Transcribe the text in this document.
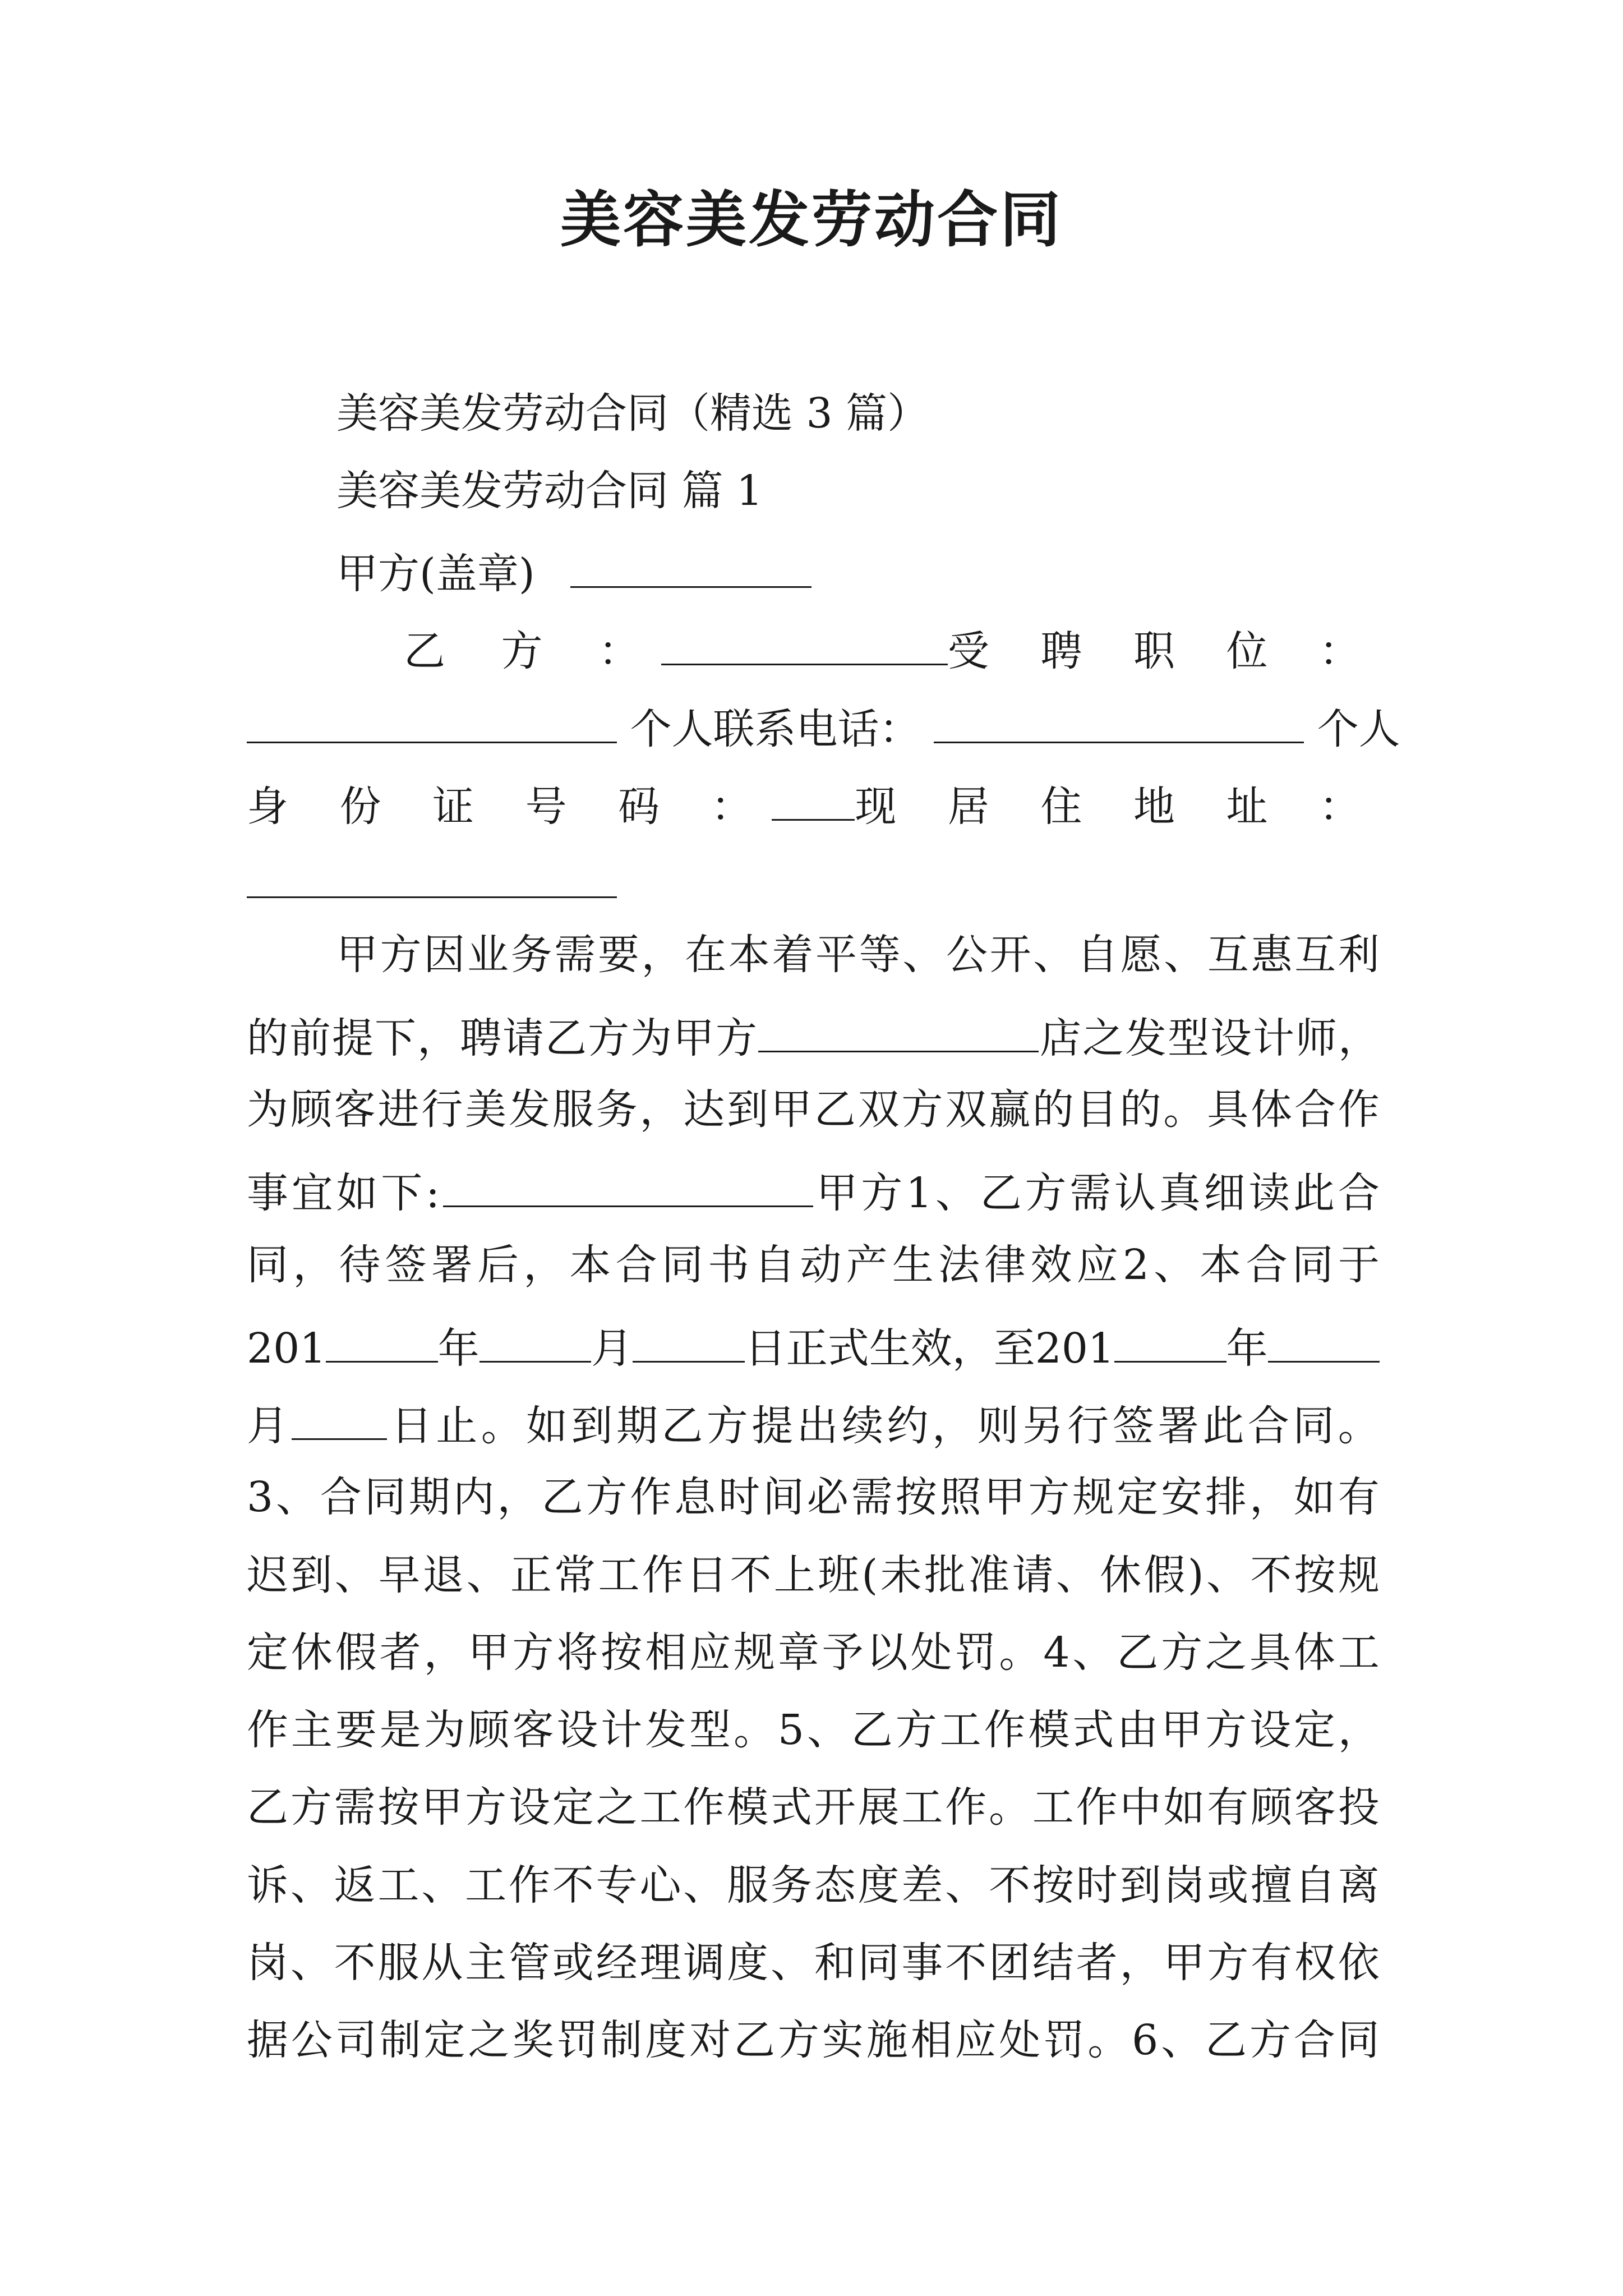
美容美发劳动合同
美容美发劳动合同（精选 3 篇）
美容美发劳动合同 篇 1
甲方(盖章)
乙 方 ：	受 聘 职 位 ：
个人联系电话：	个人
身 份 证 号 码 ： 现 居 住 地 址 ：
甲 方 因 业 务 需 要 ， 在 本 着 平 等 、 公 开 、 自 愿 、 互 惠 互 利
的 前 提 下 ， 聘 请 乙 方 为 甲 方	店 之 发 型 设 计 师 ，
为 顾 客 进 行 美 发 服 务 ， 达 到 甲 乙 双 方 双 赢 的 目 的 。 具 体 合 作
事 宜 如 下 :	甲 方 1 、 乙 方 需 认 真 细 读 此 合
同 ， 待 签 署 后 ， 本 合 同 书 自 动 产 生 法 律 效 应 2 、 本 合 同 于
2 0 1	年	月	日 正 式 生 效 ， 至 2 0 1	年
月 日 止 。 如 到 期 乙 方 提 出 续 约 ， 则 另 行 签 署 此 合 同 。
3 、 合 同 期 内 ， 乙 方 作 息 时 间 必 需 按 照 甲 方 规 定 安 排 ， 如 有
迟 到 、 早 退 、 正 常 工 作 日 不 上 班 ( 未 批 准 请 、 休 假 ) 、 不 按 规
定 休 假 者 ， 甲 方 将 按 相 应 规 章 予 以 处 罚 。 4 、 乙 方 之 具 体 工
作 主 要 是 为 顾 客 设 计 发 型 。 5 、 乙 方 工 作 模 式 由 甲 方 设 定 ，
乙 方 需 按 甲 方 设 定 之 工 作 模 式 开 展 工 作 。 工 作 中 如 有 顾 客 投
诉 、 返 工 、 工 作 不 专 心 、 服 务 态 度 差 、 不 按 时 到 岗 或 擅 自 离
岗 、 不 服 从 主 管 或 经 理 调 度 、 和 同 事 不 团 结 者 ， 甲 方 有 权 依
据 公 司 制 定 之 奖 罚 制 度 对 乙 方 实 施 相 应 处 罚 。 6 、 乙 方 合 同
